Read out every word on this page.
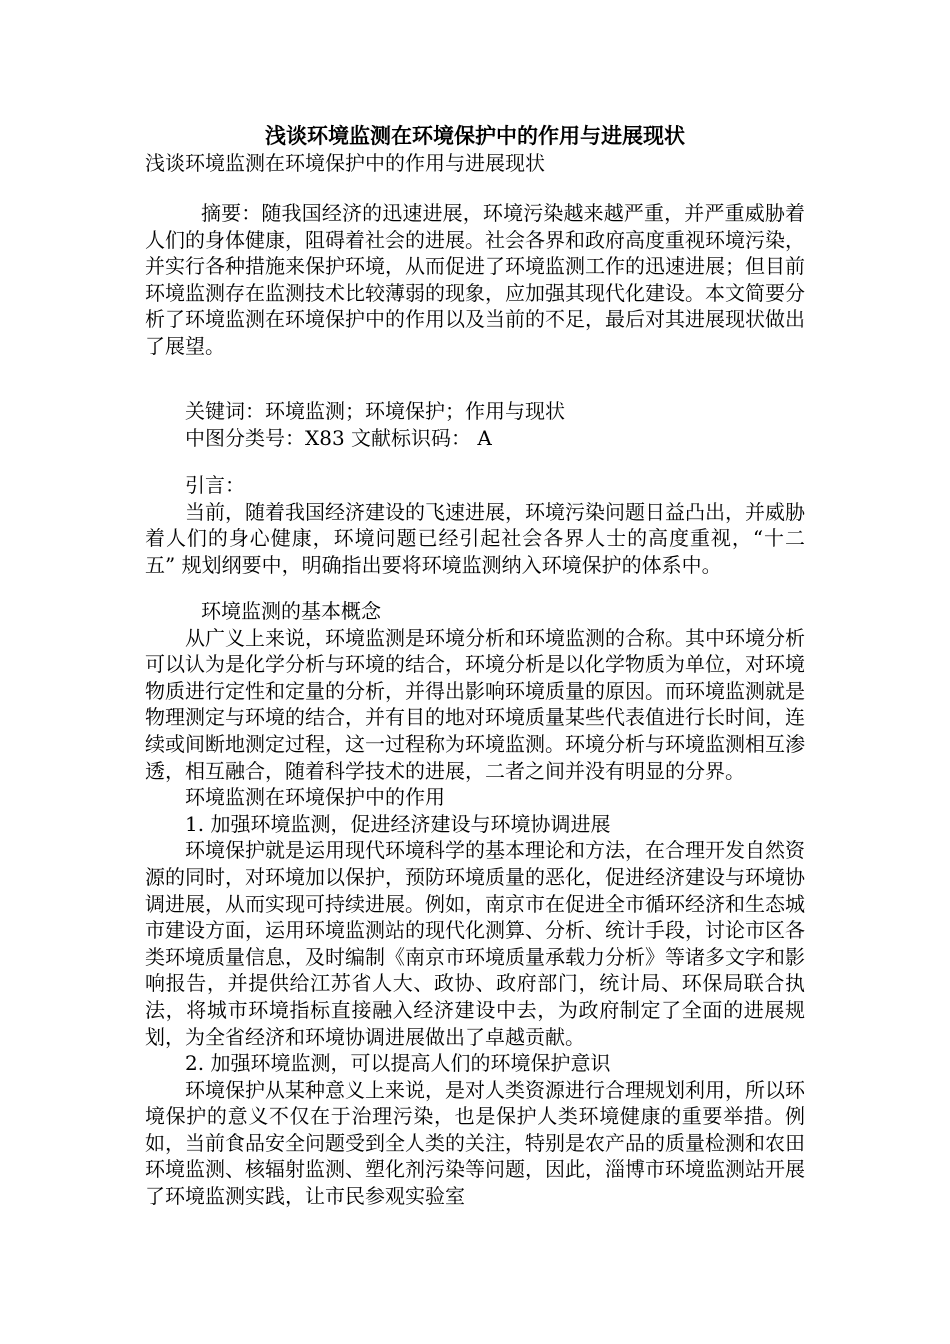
浅谈环境监测在环境保护中的作用与进展现状
浅谈环境监测在环境保护中的作用与进展现状

摘要：随我国经济的迅速进展，环境污染越来越严重，并严重威胁着人们的身体健康，阻碍着社会的进展。社会各界和政府高度重视环境污染，并实行各种措施来保护环境，从而促进了环境监测工作的迅速进展；但目前环境监测存在监测技术比较薄弱的现象，应加强其现代化建设。本文简要分析了环境监测在环境保护中的作用以及当前的不足，最后对其进展现状做出了展望。

关键词：环境监测；环境保护；作用与现状

中图分类号：X83 文献标识码： A

引言：

当前，随着我国经济建设的飞速进展，环境污染问题日益凸出，并威胁着人们的身心健康，环境问题已经引起社会各界人士的高度重视，“十二五” 规划纲要中，明确指出要将环境监测纳入环境保护的体系中。

环境监测的基本概念

从广义上来说，环境监测是环境分析和环境监测的合称。其中环境分析可以认为是化学分析与环境的结合，环境分析是以化学物质为单位，对环境物质进行定性和定量的分析，并得出影响环境质量的原因。而环境监测就是物理测定与环境的结合，并有目的地对环境质量某些代表值进行长时间，连续或间断地测定过程，这一过程称为环境监测。环境分析与环境监测相互渗透，相互融合，随着科学技术的进展，二者之间并没有明显的分界。

环境监测在环境保护中的作用

1. 加强环境监测，促进经济建设与环境协调进展

环境保护就是运用现代环境科学的基本理论和方法，在合理开发自然资源的同时，对环境加以保护，预防环境质量的恶化，促进经济建设与环境协调进展，从而实现可持续进展。例如，南京市在促进全市循环经济和生态城市建设方面，运用环境监测站的现代化测算、分析、统计手段，讨论市区各类环境质量信息，及时编制《南京市环境质量承载力分析》等诸多文字和影响报告，并提供给江苏省人大、政协、政府部门，统计局、环保局联合执法，将城市环境指标直接融入经济建设中去，为政府制定了全面的进展规划，为全省经济和环境协调进展做出了卓越贡献。

2. 加强环境监测，可以提高人们的环境保护意识

环境保护从某种意义上来说，是对人类资源进行合理规划利用，所以环境保护的意义不仅在于治理污染，也是保护人类环境健康的重要举措。例如，当前食品安全问题受到全人类的关注，特别是农产品的质量检测和农田环境监测、核辐射监测、塑化剂污染等问题，因此，淄博市环境监测站开展了环境监测实践，让市民参观实验室
